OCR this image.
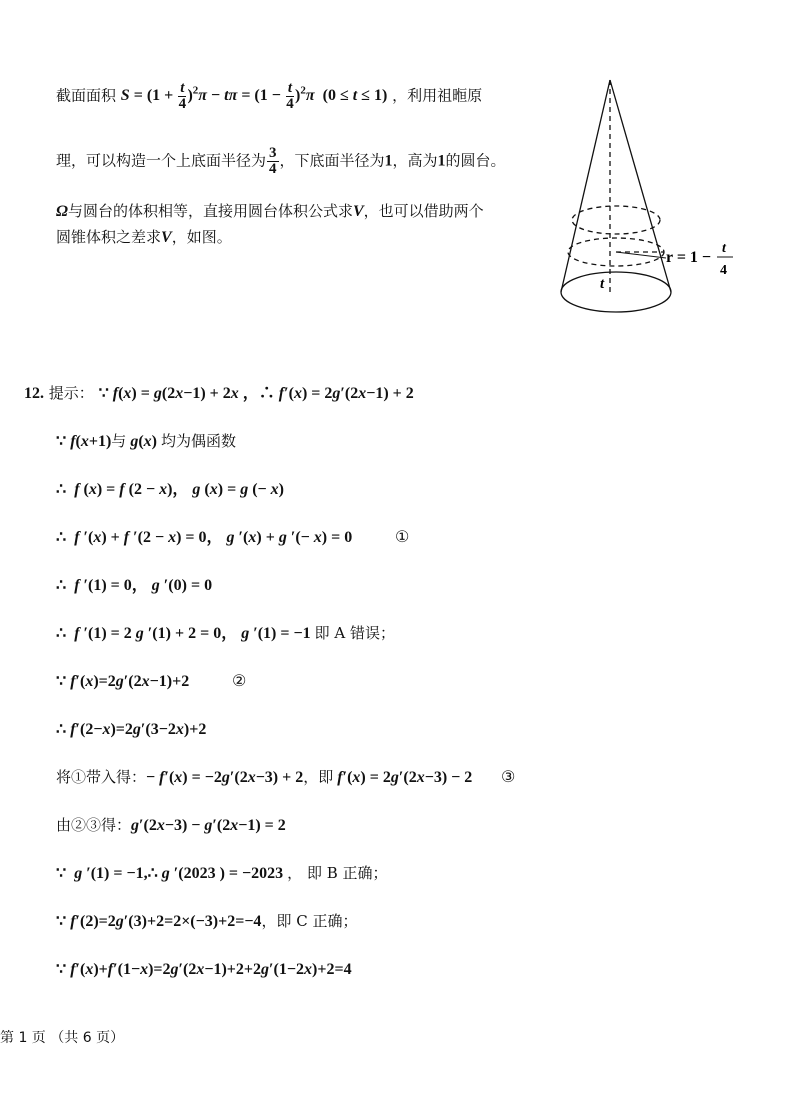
截面面积 $S = (1 + \frac{t}{4} )^2\pi - t\pi = (1 - \frac{t}{4} )^2\pi$  (0 ≤ t ≤ 1) ，利用祖暅原
理，可以构造一个上底面半径为 $\frac{3}{4}$ ，下底面半径为1，高为1的圆台。
Ω与圆台的体积相等，直接用圆台体积公式求V，也可以借助两个
圆锥体积之差求V，如图。
t
r = 1 −
t
4
12. 提示： ∵ f(x) = g(2x−1) + 2x ，∴ f′(x) = 2g′(2x−1) + 2
∵ f(x+1)与 g(x) 均为偶函数
∴  f (x) = f (2 − x)， g (x) = g (− x)
∴  f ′(x) + f ′(2 − x) = 0， g ′(x) + g ′(− x) = 0	①
∴  f ′(1) = 0， g ′(0) = 0
∴  f ′(1) = 2 g ′(1) + 2 = 0， g ′(1) = −1 即 A 错误；
∵ f′(x)=2g′(2x−1)+2	②
∴ f′(2−x)=2g′(3−2x)+2
将①带入得：− f′(x) = −2g′(2x−3) + 2，即 f′(x) = 2g′(2x−3) − 2 ③
由②③得：g′(2x−3) − g′(2x−1) = 2
∵  g ′(1) = −1,∴ g ′(2023 ) = −2023 ， 即 B 正确；
∵ f′(2)=2g′(3)+2=2×(−3)+2=−4，即 C 正确；
∵ f′(x)+f′(1−x)=2g′(2x−1)+2+2g′(1−2x)+2=4
第 1 页 （共 6 页）
